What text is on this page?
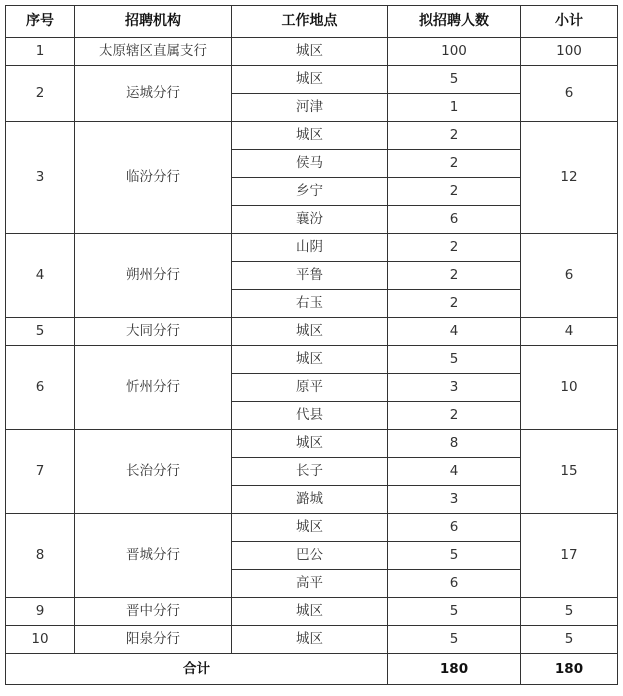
序号	招聘机构	工作地点	拟招聘人数	小计
1	太原辖区直属支行	城区	100	100
2	运城分行	城区	5	6
		河津	1	
3	临汾分行	城区	2	12
		侯马	2	
		乡宁	2	
		襄汾	6	
4	朔州分行	山阴	2	6
		平鲁	2	
		右玉	2	
5	大同分行	城区	4	4
6	忻州分行	城区	5	10
		原平	3	
		代县	2	
7	长治分行	城区	8	15
		长子	4	
		潞城	3	
8	晋城分行	城区	6	17
		巴公	5	
		高平	6	
9	晋中分行	城区	5	5
10	阳泉分行	城区	5	5
合计			180	180
